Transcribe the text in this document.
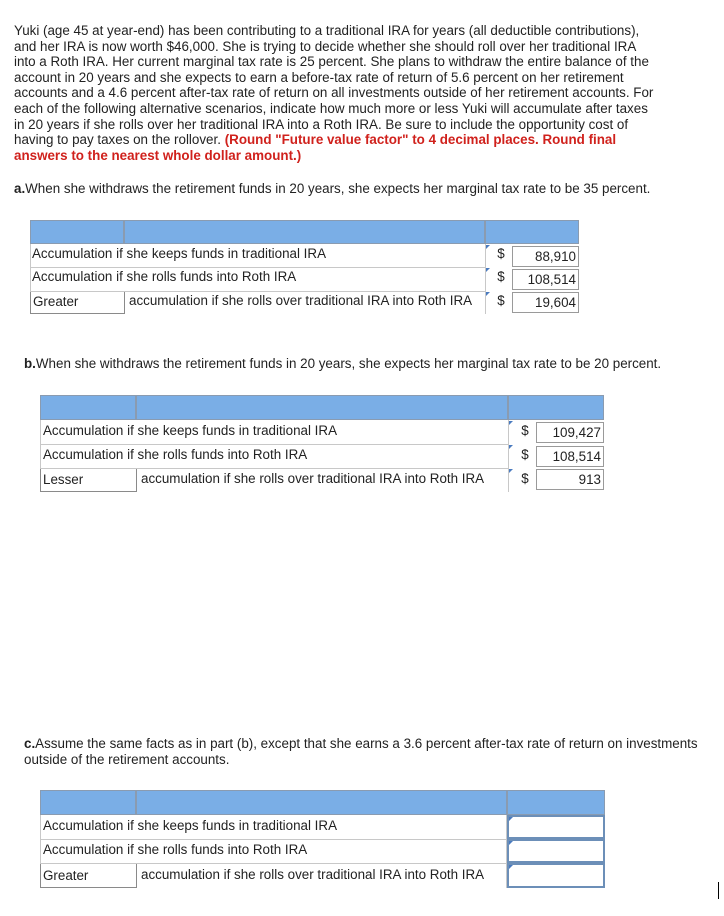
Yuki (age 45 at year-end) has been contributing to a traditional IRA for years (all deductible contributions), and her IRA is now worth $46,000. She is trying to decide whether she should roll over her traditional IRA into a Roth IRA. Her current marginal tax rate is 25 percent. She plans to withdraw the entire balance of the account in 20 years and she expects to earn a before-tax rate of return of 5.6 percent on her retirement accounts and a 4.6 percent after-tax rate of return on all investments outside of her retirement accounts. For each of the following alternative scenarios, indicate how much more or less Yuki will accumulate after taxes in 20 years if she rolls over her traditional IRA into a Roth IRA. Be sure to include the opportunity cost of having to pay taxes on the rollover. (Round "Future value factor" to 4 decimal places. Round final answers to the nearest whole dollar amount.)

a.When she withdraws the retirement funds in 20 years, she expects her marginal tax rate to be 35 percent.

Accumulation if she keeps funds in traditional IRA	$	88,910
Accumulation if she rolls funds into Roth IRA	$	108,514
Greater	accumulation if she rolls over traditional IRA into Roth IRA	$	19,604

b.When she withdraws the retirement funds in 20 years, she expects her marginal tax rate to be 20 percent.

Accumulation if she keeps funds in traditional IRA	$	109,427
Accumulation if she rolls funds into Roth IRA	$	108,514
Lesser	accumulation if she rolls over traditional IRA into Roth IRA	$	913

c.Assume the same facts as in part (b), except that she earns a 3.6 percent after-tax rate of return on investments outside of the retirement accounts.

Accumulation if she keeps funds in traditional IRA
Accumulation if she rolls funds into Roth IRA
Greater	accumulation if she rolls over traditional IRA into Roth IRA
